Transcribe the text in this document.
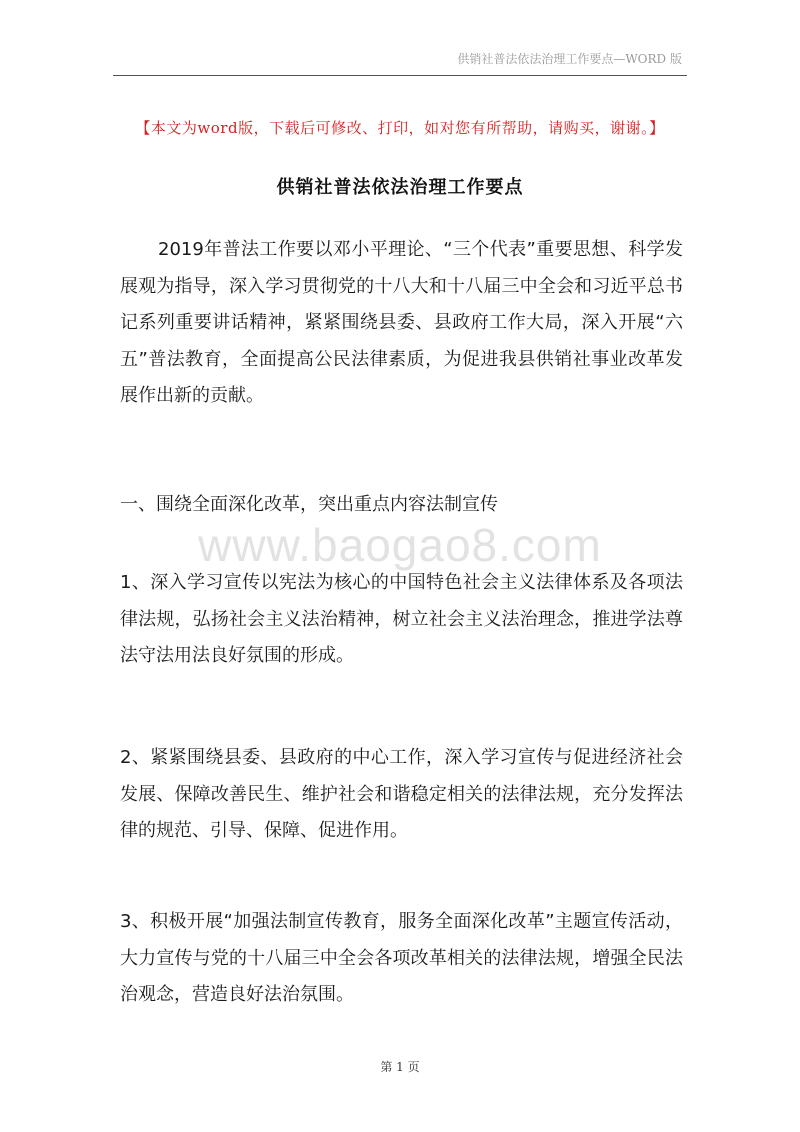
供销社普法依法治理工作要点—WORD 版
【本文为word版，下载后可修改、打印，如对您有所帮助，请购买，谢谢。】
供销社普法依法治理工作要点

2019年普法工作要以邓小平理论、“三个代表”重要思想、科学发展观为指导，深入学习贯彻党的十八大和十八届三中全会和习近平总书记系列重要讲话精神，紧紧围绕县委、县政府工作大局，深入开展“六五”普法教育，全面提高公民法律素质，为促进我县供销社事业改革发展作出新的贡献。

一、围绕全面深化改革，突出重点内容法制宣传

www.baogao8.com

1、深入学习宣传以宪法为核心的中国特色社会主义法律体系及各项法律法规，弘扬社会主义法治精神，树立社会主义法治理念，推进学法尊法守法用法良好氛围的形成。

2、紧紧围绕县委、县政府的中心工作，深入学习宣传与促进经济社会发展、保障改善民生、维护社会和谐稳定相关的法律法规，充分发挥法律的规范、引导、保障、促进作用。

3、积极开展“加强法制宣传教育，服务全面深化改革”主题宣传活动，大力宣传与党的十八届三中全会各项改革相关的法律法规，增强全民法治观念，营造良好法治氛围。

第 1 页
